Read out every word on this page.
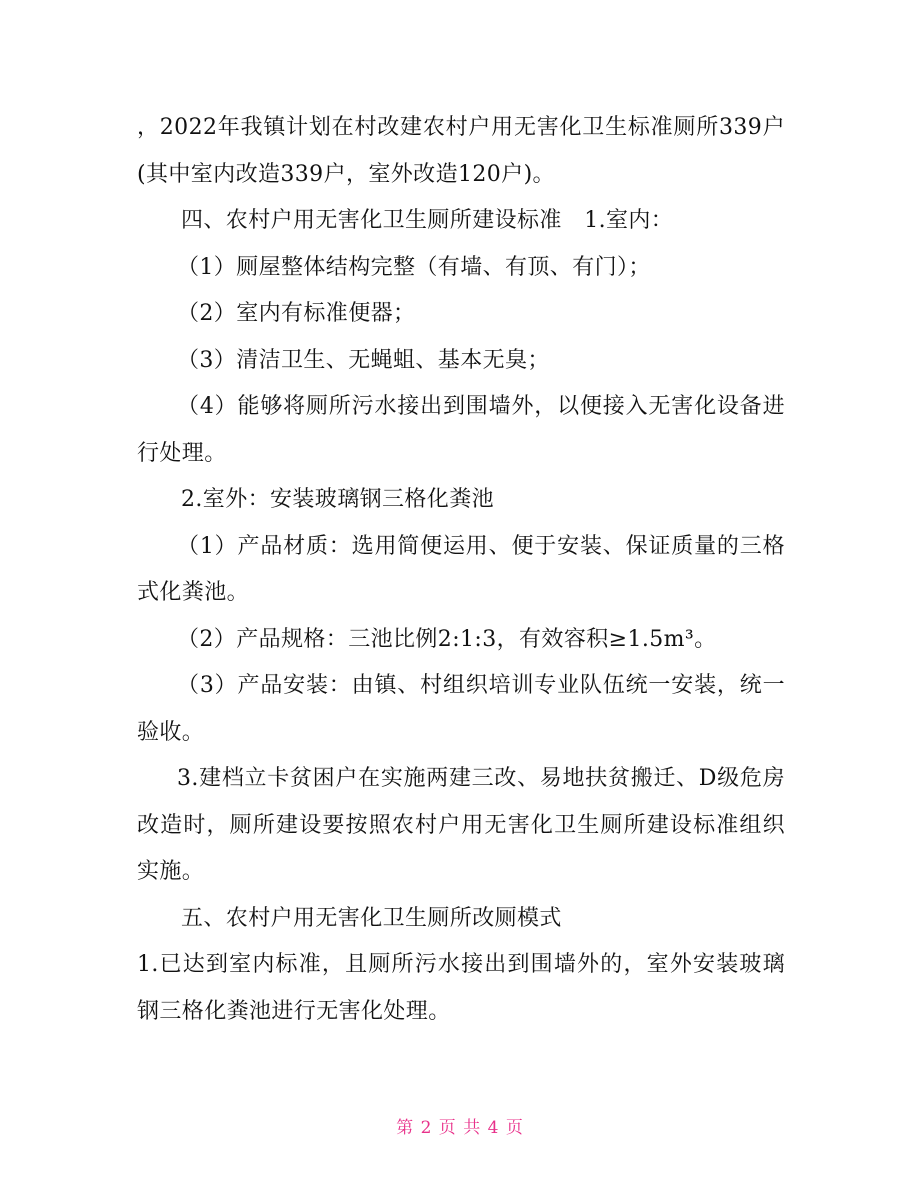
，2022年我镇计划在村改建农村户用无害化卫生标准厕所339户(其中室内改造339户，室外改造120户)。

四、农村户用无害化卫生厕所建设标准　1.室内：

（1）厕屋整体结构完整（有墙、有顶、有门）；

（2）室内有标准便器；

（3）清洁卫生、无蝇蛆、基本无臭；

（4）能够将厕所污水接出到围墙外，以便接入无害化设备进行处理。

2.室外：安装玻璃钢三格化粪池

（1）产品材质：选用简便运用、便于安装、保证质量的三格式化粪池。

（2）产品规格：三池比例2:1:3，有效容积≥1.5m³。

（3）产品安装：由镇、村组织培训专业队伍统一安装，统一验收。

3.建档立卡贫困户在实施两建三改、易地扶贫搬迁、D级危房改造时，厕所建设要按照农村户用无害化卫生厕所建设标准组织实施。

五、农村户用无害化卫生厕所改厕模式

1.已达到室内标准，且厕所污水接出到围墙外的，室外安装玻璃钢三格化粪池进行无害化处理。

第 2 页 共 4 页
